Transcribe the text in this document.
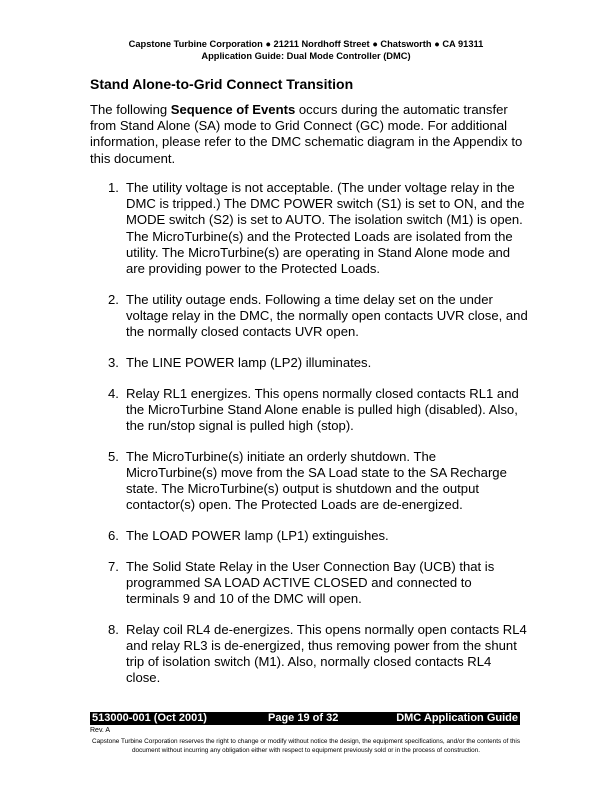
Capstone Turbine Corporation ● 21211 Nordhoff Street ● Chatsworth ● CA 91311
Application Guide: Dual Mode Controller (DMC)
Stand Alone-to-Grid Connect Transition
The following Sequence of Events occurs during the automatic transfer from Stand Alone (SA) mode to Grid Connect (GC) mode. For additional information, please refer to the DMC schematic diagram in the Appendix to this document.
1. The utility voltage is not acceptable. (The under voltage relay in the DMC is tripped.) The DMC POWER switch (S1) is set to ON, and the MODE switch (S2) is set to AUTO. The isolation switch (M1) is open. The MicroTurbine(s) and the Protected Loads are isolated from the utility. The MicroTurbine(s) are operating in Stand Alone mode and are providing power to the Protected Loads.
2. The utility outage ends. Following a time delay set on the under voltage relay in the DMC, the normally open contacts UVR close, and the normally closed contacts UVR open.
3. The LINE POWER lamp (LP2) illuminates.
4. Relay RL1 energizes. This opens normally closed contacts RL1 and the MicroTurbine Stand Alone enable is pulled high (disabled). Also, the run/stop signal is pulled high (stop).
5. The MicroTurbine(s) initiate an orderly shutdown. The MicroTurbine(s) move from the SA Load state to the SA Recharge state. The MicroTurbine(s) output is shutdown and the output contactor(s) open. The Protected Loads are de-energized.
6. The LOAD POWER lamp (LP1) extinguishes.
7. The Solid State Relay in the User Connection Bay (UCB) that is programmed SA LOAD ACTIVE CLOSED and connected to terminals 9 and 10 of the DMC will open.
8. Relay coil RL4 de-energizes. This opens normally open contacts RL4 and relay RL3 is de-energized, thus removing power from the shunt trip of isolation switch (M1). Also, normally closed contacts RL4 close.
513000-001 (Oct 2001)	Page 19 of 32	DMC Application Guide
Rev. A
Capstone Turbine Corporation reserves the right to change or modify without notice the design, the equipment specifications, and/or the contents of this document without incurring any obligation either with respect to equipment previously sold or in the process of construction.
